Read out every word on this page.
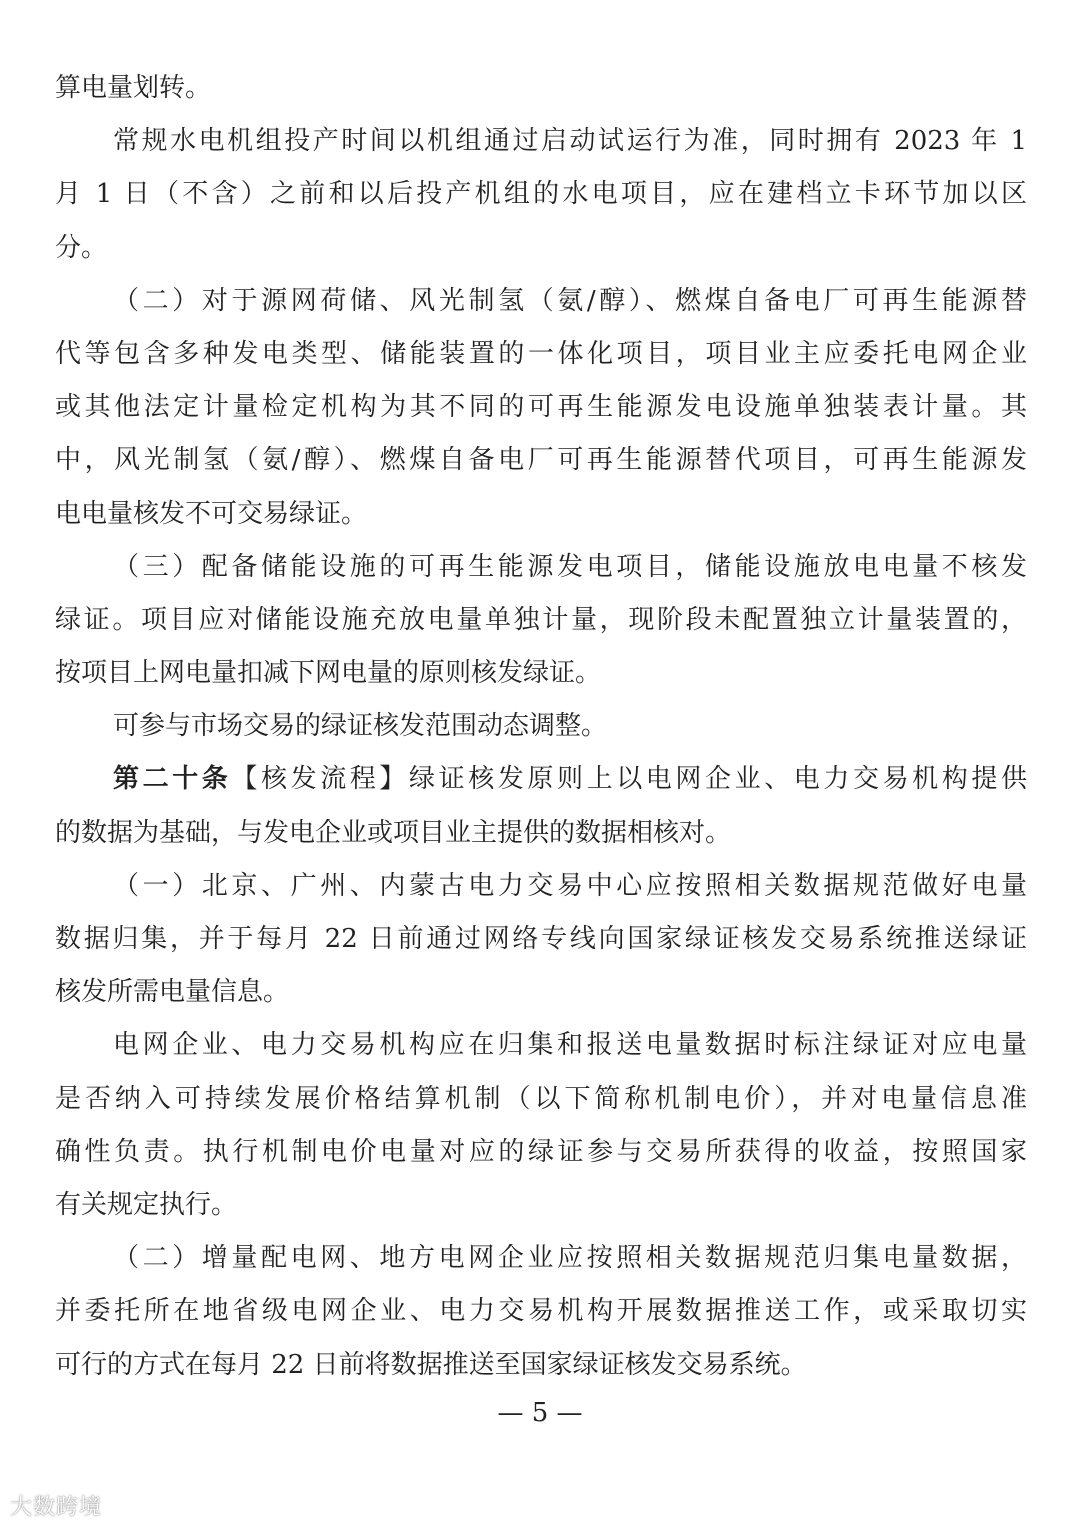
算电量划转。
常规水电机组投产时间以机组通过启动试运行为准，同时拥有 2023 年 1
月 1 日（不含）之前和以后投产机组的水电项目，应在建档立卡环节加以区
分。
（二）对于源网荷储、风光制氢（氨/醇）、燃煤自备电厂可再生能源替
代等包含多种发电类型、储能装置的一体化项目，项目业主应委托电网企业
或其他法定计量检定机构为其不同的可再生能源发电设施单独装表计量。其
中，风光制氢（氨/醇）、燃煤自备电厂可再生能源替代项目，可再生能源发
电电量核发不可交易绿证。
（三）配备储能设施的可再生能源发电项目，储能设施放电电量不核发
绿证。项目应对储能设施充放电量单独计量，现阶段未配置独立计量装置的，
按项目上网电量扣减下网电量的原则核发绿证。
可参与市场交易的绿证核发范围动态调整。
第二十条【核发流程】绿证核发原则上以电网企业、电力交易机构提供
的数据为基础，与发电企业或项目业主提供的数据相核对。
（一）北京、广州、内蒙古电力交易中心应按照相关数据规范做好电量
数据归集，并于每月 22 日前通过网络专线向国家绿证核发交易系统推送绿证
核发所需电量信息。
电网企业、电力交易机构应在归集和报送电量数据时标注绿证对应电量
是否纳入可持续发展价格结算机制（以下简称机制电价），并对电量信息准
确性负责。执行机制电价电量对应的绿证参与交易所获得的收益，按照国家
有关规定执行。
（二）增量配电网、地方电网企业应按照相关数据规范归集电量数据，
并委托所在地省级电网企业、电力交易机构开展数据推送工作，或采取切实
可行的方式在每月 22 日前将数据推送至国家绿证核发交易系统。
— 5 —
大数跨境
